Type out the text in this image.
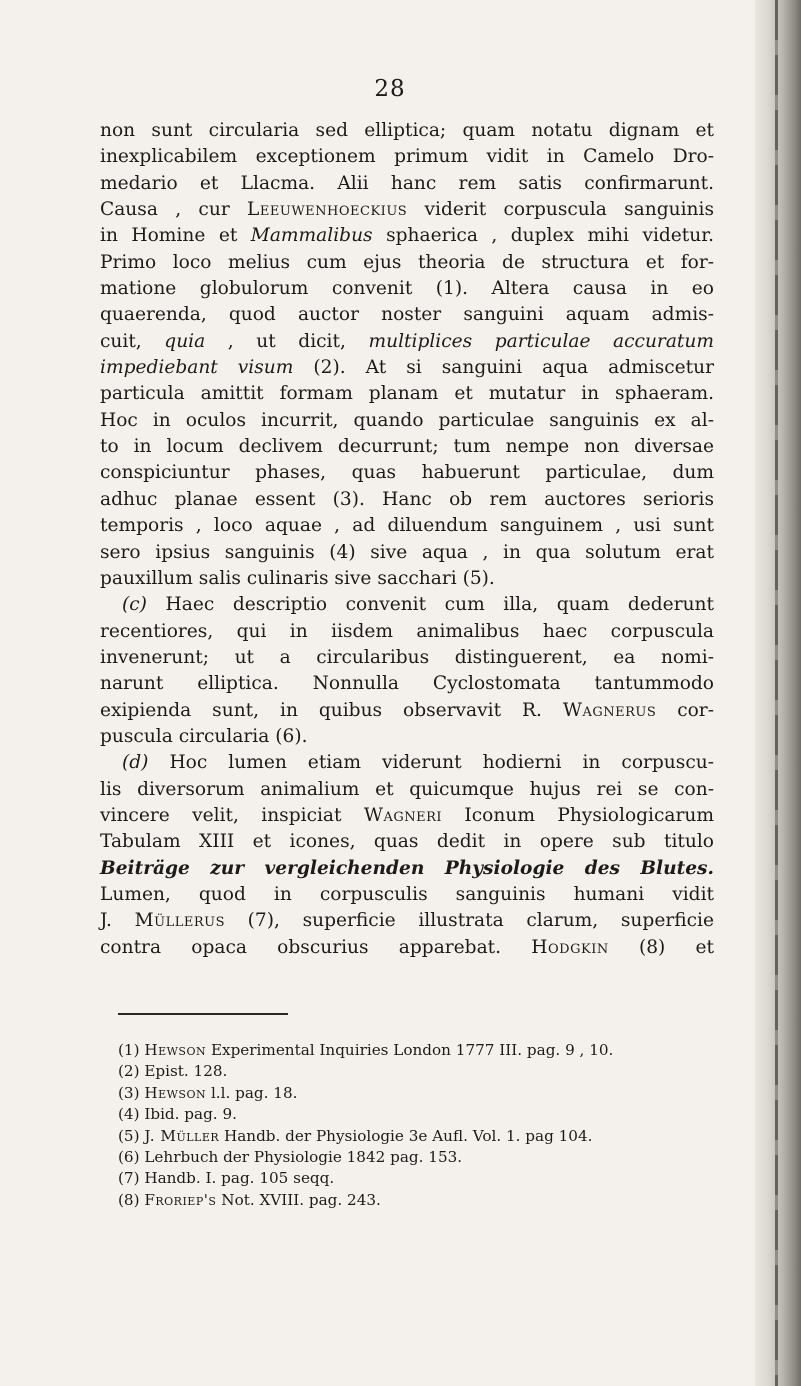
28
non sunt circularia sed elliptica; quam notatu dignam et
inexplicabilem exceptionem primum vidit in Camelo Dro-
medario et Llacma. Alii hanc rem satis confirmarunt.
Causa , cur Leeuwenhoeckius viderit corpuscula sanguinis
in Homine et Mammalibus sphaerica , duplex mihi videtur.
Primo loco melius cum ejus theoria de structura et for-
matione globulorum convenit (1). Altera causa in eo
quaerenda, quod auctor noster sanguini aquam admis-
cuit, quia , ut dicit, multiplices particulae accuratum
impediebant visum (2). At si sanguini aqua admiscetur
particula amittit formam planam et mutatur in sphaeram.
Hoc in oculos incurrit, quando particulae sanguinis ex al-
to in locum declivem decurrunt; tum nempe non diversae
conspiciuntur phases, quas habuerunt particulae, dum
adhuc planae essent (3). Hanc ob rem auctores serioris
temporis , loco aquae , ad diluendum sanguinem , usi sunt
sero ipsius sanguinis (4) sive aqua , in qua solutum erat
pauxillum salis culinaris sive sacchari (5).
(c) Haec descriptio convenit cum illa, quam dederunt
recentiores, qui in iisdem animalibus haec corpuscula
invenerunt; ut a circularibus distinguerent, ea nomi-
narunt elliptica. Nonnulla Cyclostomata tantummodo
exipienda sunt, in quibus observavit R. Wagnerus cor-
puscula circularia (6).
(d) Hoc lumen etiam viderunt hodierni in corpuscu-
lis diversorum animalium et quicumque hujus rei se con-
vincere velit, inspiciat Wagneri Iconum Physiologicarum
Tabulam XIII et icones, quas dedit in opere sub titulo
Beiträge zur vergleichenden Physiologie des Blutes.
Lumen, quod in corpusculis sanguinis humani vidit
J. Müllerus (7), superficie illustrata clarum, superficie
contra opaca obscurius apparebat. Hodgkin (8) et
(1) Hewson Experimental Inquiries London 1777 III. pag. 9 , 10.
(2) Epist. 128.
(3) Hewson l.l. pag. 18.
(4) Ibid. pag. 9.
(5) J. Müller Handb. der Physiologie 3e Aufl. Vol. 1. pag 104.
(6) Lehrbuch der Physiologie 1842 pag. 153.
(7) Handb. I. pag. 105 seqq.
(8) Froriep's Not. XVIII. pag. 243.
